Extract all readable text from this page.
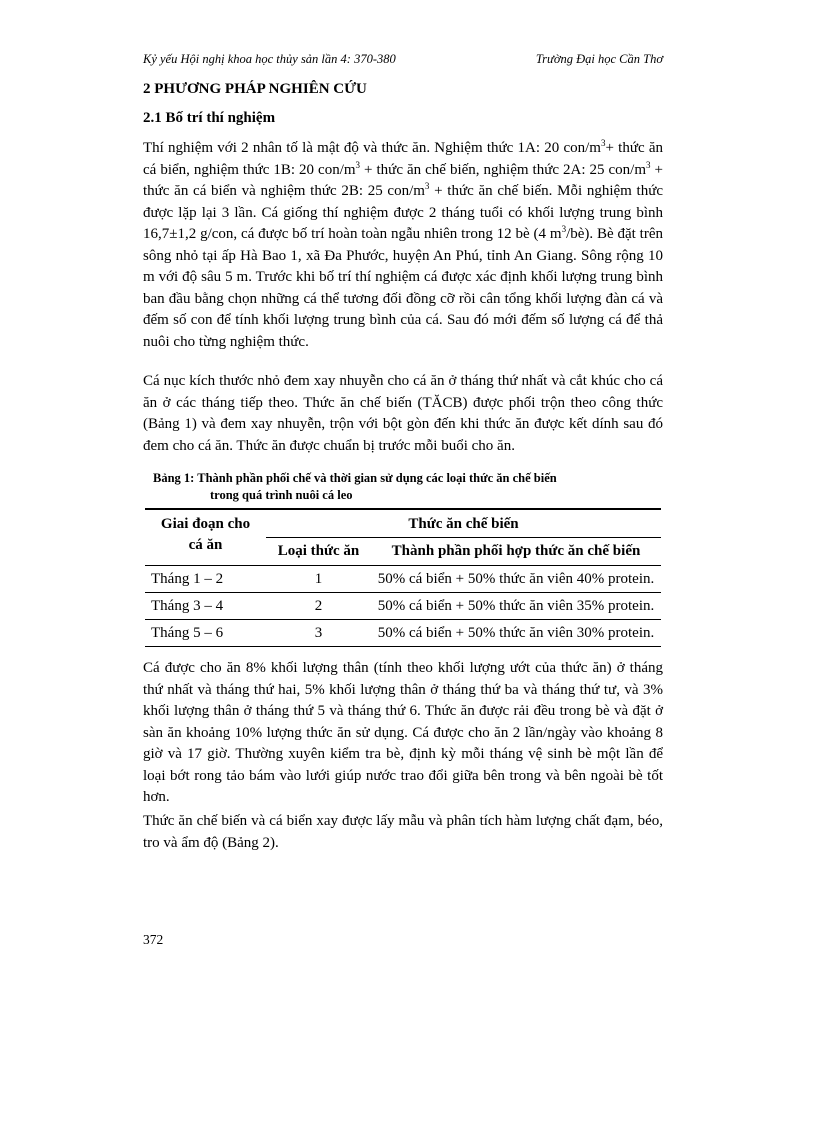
Kỷ yếu Hội nghị khoa học thủy sản lần 4: 370-380	Trường Đại học Cần Thơ
2 PHƯƠNG PHÁP NGHIÊN CỨU
2.1 Bố trí thí nghiệm
Thí nghiệm với 2 nhân tố là mật độ và thức ăn. Nghiệm thức 1A: 20 con/$m^3+$ thức ăn cá biển, nghiệm thức 1B: 20 con/$m^3$ + thức ăn chế biến, nghiệm thức 2A: 25 con/$m^3$ + thức ăn cá biển và nghiệm thức 2B: 25 con/$m^3$ + thức ăn chế biến. Mỗi nghiệm thức được lặp lại 3 lần. Cá giống thí nghiệm được 2 tháng tuổi có khối lượng trung bình 16,7±1,2 g/con, cá được bố trí hoàn toàn ngẫu nhiên trong 12 bè (4 $m^3/bè$). Bè đặt trên sông nhỏ tại ấp Hà Bao 1, xã Đa Phước, huyện An Phú, tỉnh An Giang. Sông rộng 10 m với độ sâu 5 m. Trước khi bố trí thí nghiệm cá được xác định khối lượng trung bình ban đầu bằng chọn những cá thể tương đối đồng cỡ rồi cân tổng khối lượng đàn cá và đếm số con để tính khối lượng trung bình của cá. Sau đó mới đếm số lượng cá để thả nuôi cho từng nghiệm thức.
Cá nục kích thước nhỏ đem xay nhuyễn cho cá ăn ở tháng thứ nhất và cắt khúc cho cá ăn ở các tháng tiếp theo. Thức ăn chế biến (TĂCB) được phối trộn theo công thức (Bảng 1) và đem xay nhuyễn, trộn với bột gòn đến khi thức ăn được kết dính sau đó đem cho cá ăn. Thức ăn được chuẩn bị trước mỗi buổi cho ăn.
Bảng 1: Thành phần phối chế và thời gian sử dụng các loại thức ăn chế biến
trong quá trình nuôi cá leo
Giai đoạn cho
cá ăn	Thức ăn chế biến	
	Loại thức ăn	Thành phần phối hợp thức ăn chế biến
Tháng 1 – 2	1	50% cá biển + 50% thức ăn viên 40% protein.
Tháng 3 – 4	2	50% cá biển + 50% thức ăn viên 35% protein.
Tháng 5 – 6	3	50% cá biển + 50% thức ăn viên 30% protein.
Cá được cho ăn 8% khối lượng thân (tính theo khối lượng ướt của thức ăn) ở tháng thứ nhất và tháng thứ hai, 5% khối lượng thân ở tháng thứ ba và tháng thứ tư, và 3% khối lượng thân ở tháng thứ 5 và tháng thứ 6. Thức ăn được rải đều trong bè và đặt ở sàn ăn khoảng 10% lượng thức ăn sử dụng. Cá được cho ăn 2 lần/ngày vào khoảng 8 giờ và 17 giờ. Thường xuyên kiểm tra bè, định kỳ mỗi tháng vệ sinh bè một lần để loại bớt rong tảo bám vào lưới giúp nước trao đổi giữa bên trong và bên ngoài bè tốt hơn.
Thức ăn chế biến và cá biển xay được lấy mẫu và phân tích hàm lượng chất đạm, béo, tro và ẩm độ (Bảng 2).
372
